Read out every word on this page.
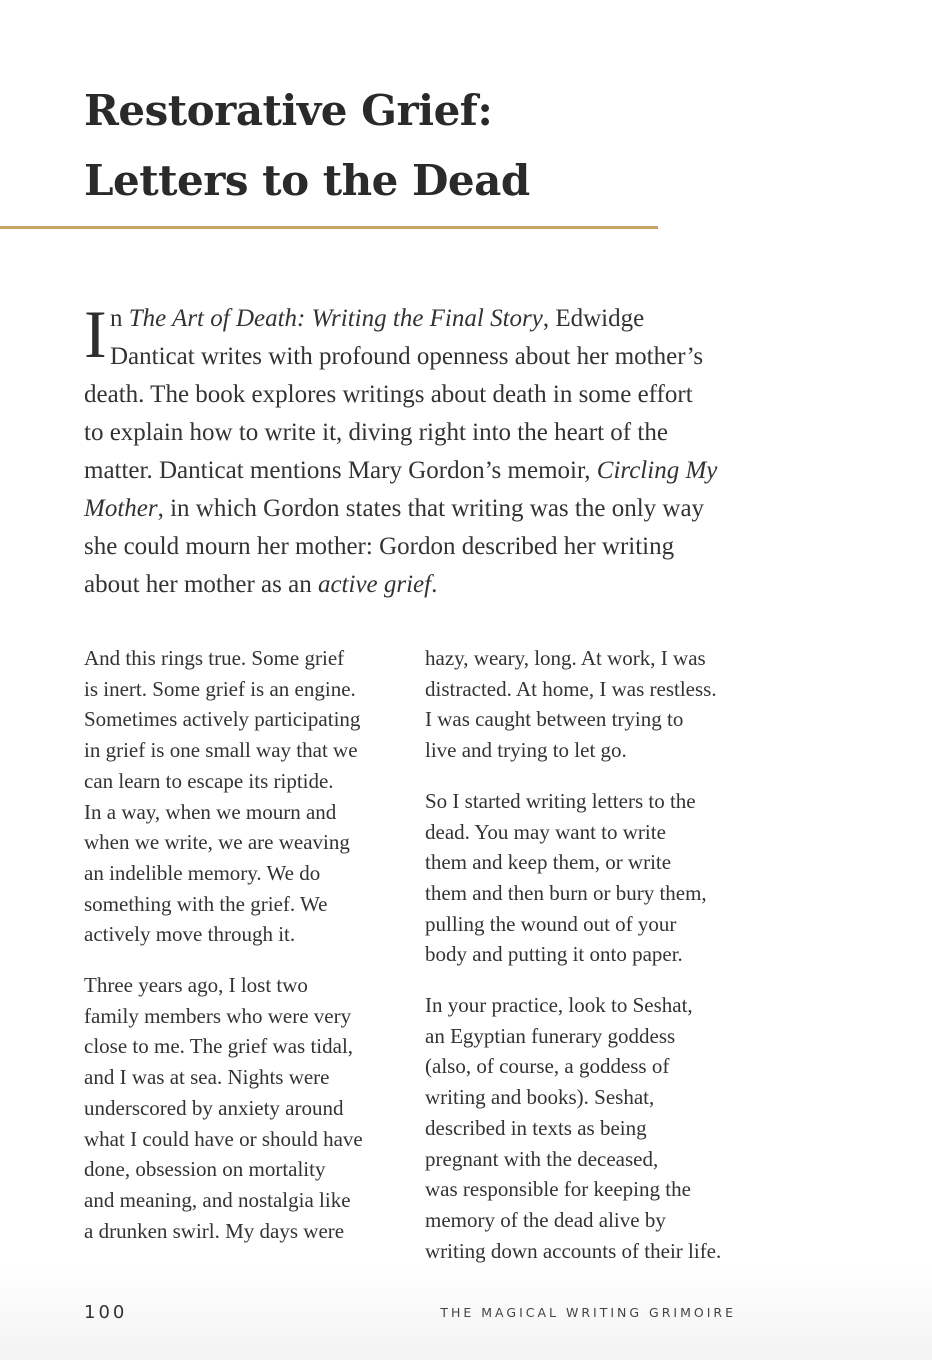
Restorative Grief:
Letters to the Dead
I n The Art of Death: Writing the Final Story, Edwidge
Danticat writes with profound openness about her mother’s
death. The book explores writings about death in some effort
to explain how to write it, diving right into the heart of the
matter. Danticat mentions Mary Gordon’s memoir, Circling My
Mother, in which Gordon states that writing was the only way
she could mourn her mother: Gordon described her writing
about her mother as an active grief.

And this rings true. Some grief
is inert. Some grief is an engine.
Sometimes actively participating
in grief is one small way that we
can learn to escape its riptide.
In a way, when we mourn and
when we write, we are weaving
an indelible memory. We do
something with the grief. We
actively move through it.

Three years ago, I lost two
family members who were very
close to me. The grief was tidal,
and I was at sea. Nights were
underscored by anxiety around
what I could have or should have
done, obsession on mortality
and meaning, and nostalgia like
a drunken swirl. My days were

hazy, weary, long. At work, I was
distracted. At home, I was restless.
I was caught between trying to
live and trying to let go.

So I started writing letters to the
dead. You may want to write
them and keep them, or write
them and then burn or bury them,
pulling the wound out of your
body and putting it onto paper.

In your practice, look to Seshat,
an Egyptian funerary goddess
(also, of course, a goddess of
writing and books). Seshat,
described in texts as being
pregnant with the deceased,
was responsible for keeping the
memory of the dead alive by
writing down accounts of their life.

100	THE MAGICAL WRITING GRIMOIRE
